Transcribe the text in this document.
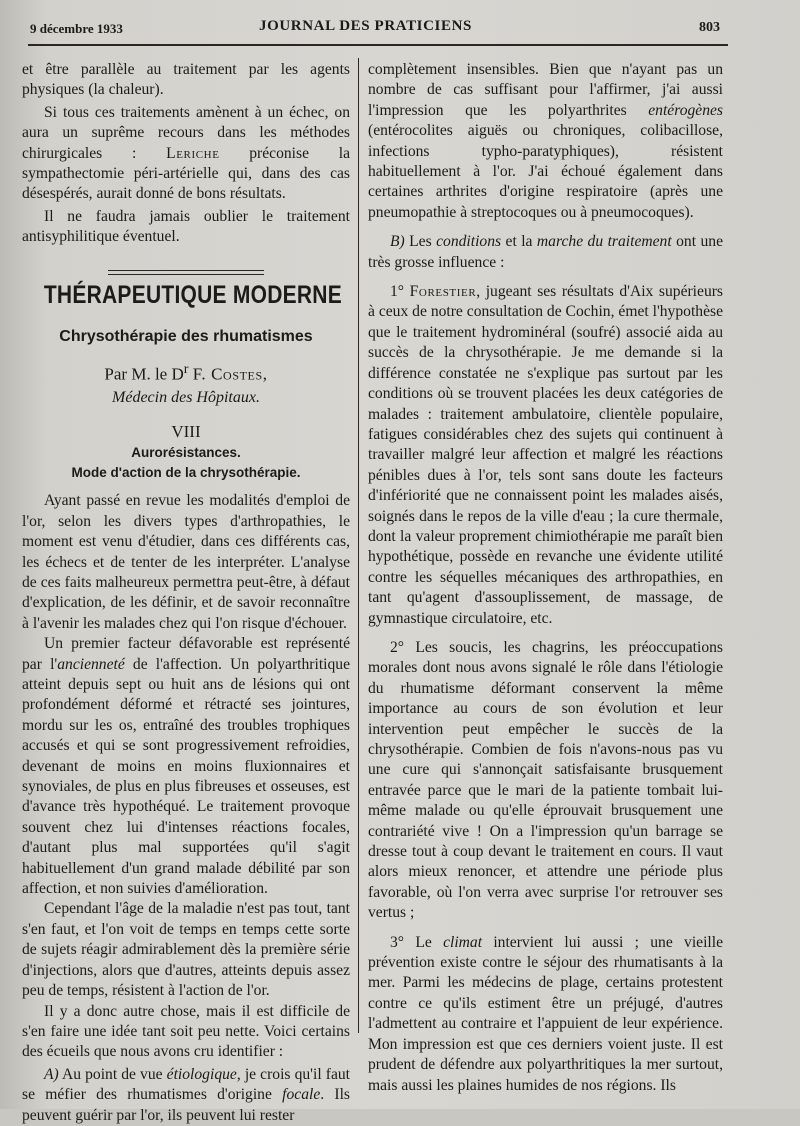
9 décembre 1933	JOURNAL DES PRATICIENS	803

et être parallèle au traitement par les agents physiques (la chaleur).

Si tous ces traitements amènent à un échec, on aura un suprême recours dans les méthodes chirurgicales : Leriche préconise la sympathectomie péri-artérielle qui, dans des cas désespérés, aurait donné de bons résultats.

Il ne faudra jamais oublier le traitement antisyphilitique éventuel.

THÉRAPEUTIQUE MODERNE
Chrysothérapie des rhumatismes
Par M. le $D^r$ F. Costes,
Médecin des Hôpitaux.
VIII
Aurorésistances.
Mode d'action de la chrysothérapie.

Ayant passé en revue les modalités d'emploi de l'or, selon les divers types d'arthropathies, le moment est venu d'étudier, dans ces différents cas, les échecs et de tenter de les interpréter. L'analyse de ces faits malheureux permettra peut-être, à défaut d'explication, de les définir, et de savoir reconnaître à l'avenir les malades chez qui l'on risque d'échouer.

Un premier facteur défavorable est représenté par l'ancienneté de l'affection. Un polyarthritique atteint depuis sept ou huit ans de lésions qui ont profondément déformé et rétracté ses jointures, mordu sur les os, entraîné des troubles trophiques accusés et qui se sont progressivement refroidies, devenant de moins en moins fluxionnaires et synoviales, de plus en plus fibreuses et osseuses, est d'avance très hypothéqué. Le traitement provoque souvent chez lui d'intenses réactions focales, d'autant plus mal supportées qu'il s'agit habituellement d'un grand malade débilité par son affection, et non suivies d'amélioration.

Cependant l'âge de la maladie n'est pas tout, tant s'en faut, et l'on voit de temps en temps cette sorte de sujets réagir admirablement dès la première série d'injections, alors que d'autres, atteints depuis assez peu de temps, résistent à l'action de l'or.

Il y a donc autre chose, mais il est difficile de s'en faire une idée tant soit peu nette. Voici certains des écueils que nous avons cru identifier :

A) Au point de vue étiologique, je crois qu'il faut se méfier des rhumatismes d'origine focale. Ils peuvent guérir par l'or, ils peuvent lui rester

complètement insensibles. Bien que n'ayant pas un nombre de cas suffisant pour l'affirmer, j'ai aussi l'impression que les polyarthrites entérogènes (entérocolites aiguës ou chroniques, colibacillose, infections typho-paratyphiques), résistent habituellement à l'or. J'ai échoué également dans certaines arthrites d'origine respiratoire (après une pneumopathie à streptocoques ou à pneumocoques).

B) Les conditions et la marche du traitement ont une très grosse influence :

1° Forestier, jugeant ses résultats d'Aix supérieurs à ceux de notre consultation de Cochin, émet l'hypothèse que le traitement hydrominéral (soufré) associé aida au succès de la chrysothérapie. Je me demande si la différence constatée ne s'explique pas surtout par les conditions où se trouvent placées les deux catégories de malades : traitement ambulatoire, clientèle populaire, fatigues considérables chez des sujets qui continuent à travailler malgré leur affection et malgré les réactions pénibles dues à l'or, tels sont sans doute les facteurs d'infériorité que ne connaissent point les malades aisés, soignés dans le repos de la ville d'eau ; la cure thermale, dont la valeur proprement chimiothérapie me paraît bien hypothétique, possède en revanche une évidente utilité contre les séquelles mécaniques des arthropathies, en tant qu'agent d'assouplissement, de massage, de gymnastique circulatoire, etc.

2° Les soucis, les chagrins, les préoccupations morales dont nous avons signalé le rôle dans l'étiologie du rhumatisme déformant conservent la même importance au cours de son évolution et leur intervention peut empêcher le succès de la chrysothérapie. Combien de fois n'avons-nous pas vu une cure qui s'annonçait satisfaisante brusquement entravée parce que le mari de la patiente tombait lui-même malade ou qu'elle éprouvait brusquement une contrariété vive ! On a l'impression qu'un barrage se dresse tout à coup devant le traitement en cours. Il vaut alors mieux renoncer, et attendre une période plus favorable, où l'on verra avec surprise l'or retrouver ses vertus ;

3° Le climat intervient lui aussi ; une vieille prévention existe contre le séjour des rhumatisants à la mer. Parmi les médecins de plage, certains protestent contre ce qu'ils estiment être un préjugé, d'autres l'admettent au contraire et l'appuient de leur expérience. Mon impression est que ces derniers voient juste. Il est prudent de défendre aux polyarthritiques la mer surtout, mais aussi les plaines humides de nos régions. Ils
